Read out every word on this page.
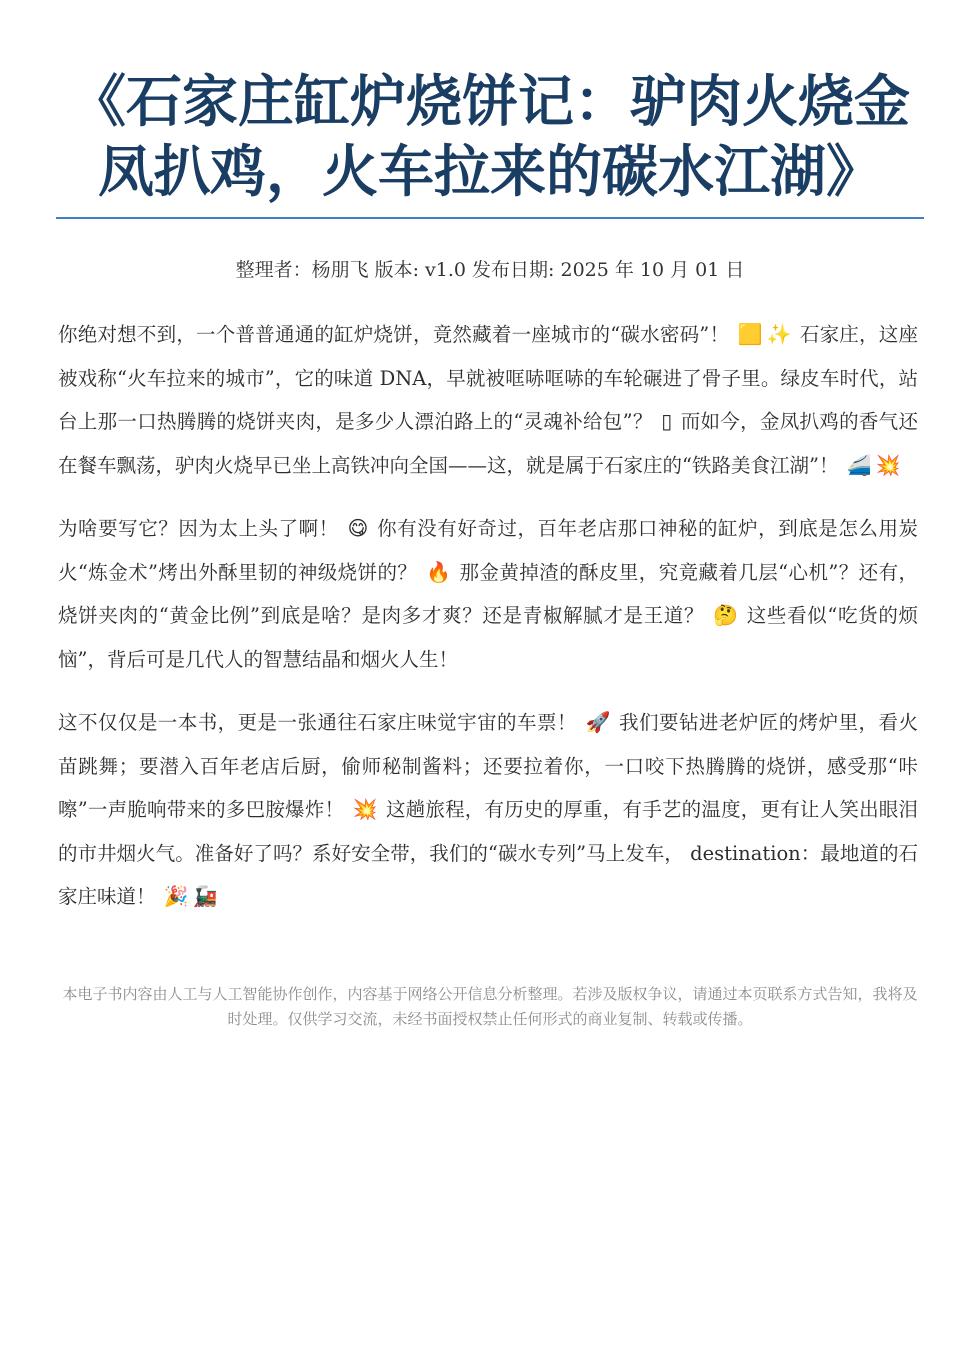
《石家庄缸炉烧饼记：驴肉火烧金
凤扒鸡，火车拉来的碳水江湖》
整理者：杨朋飞 版本: v1.0 发布日期: 2025 年 10 月 01 日

你绝对想不到，一个普普通通的缸炉烧饼，竟然藏着一座城市的“碳水密码”！ 🟨 ✨ 石家庄，这座被戏称“火车拉来的城市”，它的味道 DNA，早就被哐哧哐哧的车轮碾进了骨子里。绿皮车时代，站台上那一口热腾腾的烧饼夹肉，是多少人漂泊路上的“灵魂补给包”？ ▯ 而如今，金凤扒鸡的香气还在餐车飘荡，驴肉火烧早已坐上高铁冲向全国——这，就是属于石家庄的“铁路美食江湖”！ 🚄 💥

为啥要写它？因为太上头了啊！ 😋 你有没有好奇过，百年老店那口神秘的缸炉，到底是怎么用炭火“炼金术”烤出外酥里韧的神级烧饼的？ 🔥 那金黄掉渣的酥皮里，究竟藏着几层“心机”？还有，烧饼夹肉的“黄金比例”到底是啥？是肉多才爽？还是青椒解腻才是王道？ 🤔 这些看似“吃货的烦恼”，背后可是几代人的智慧结晶和烟火人生！

这不仅仅是一本书，更是一张通往石家庄味觉宇宙的车票！ 🚀 我们要钻进老炉匠的烤炉里，看火苗跳舞；要潜入百年老店后厨，偷师秘制酱料；还要拉着你，一口咬下热腾腾的烧饼，感受那“咔嚓”一声脆响带来的多巴胺爆炸！ 💥 这趟旅程，有历史的厚重，有手艺的温度，更有让人笑出眼泪的市井烟火气。准备好了吗？系好安全带，我们的“碳水专列”马上发车， destination：最地道的石家庄味道！ 🎉 🚂

本电子书内容由人工与人工智能协作创作，内容基于网络公开信息分析整理。若涉及版权争议，请通过本页联系方式告知，我将及时处理。仅供学习交流，未经书面授权禁止任何形式的商业复制、转载或传播。
